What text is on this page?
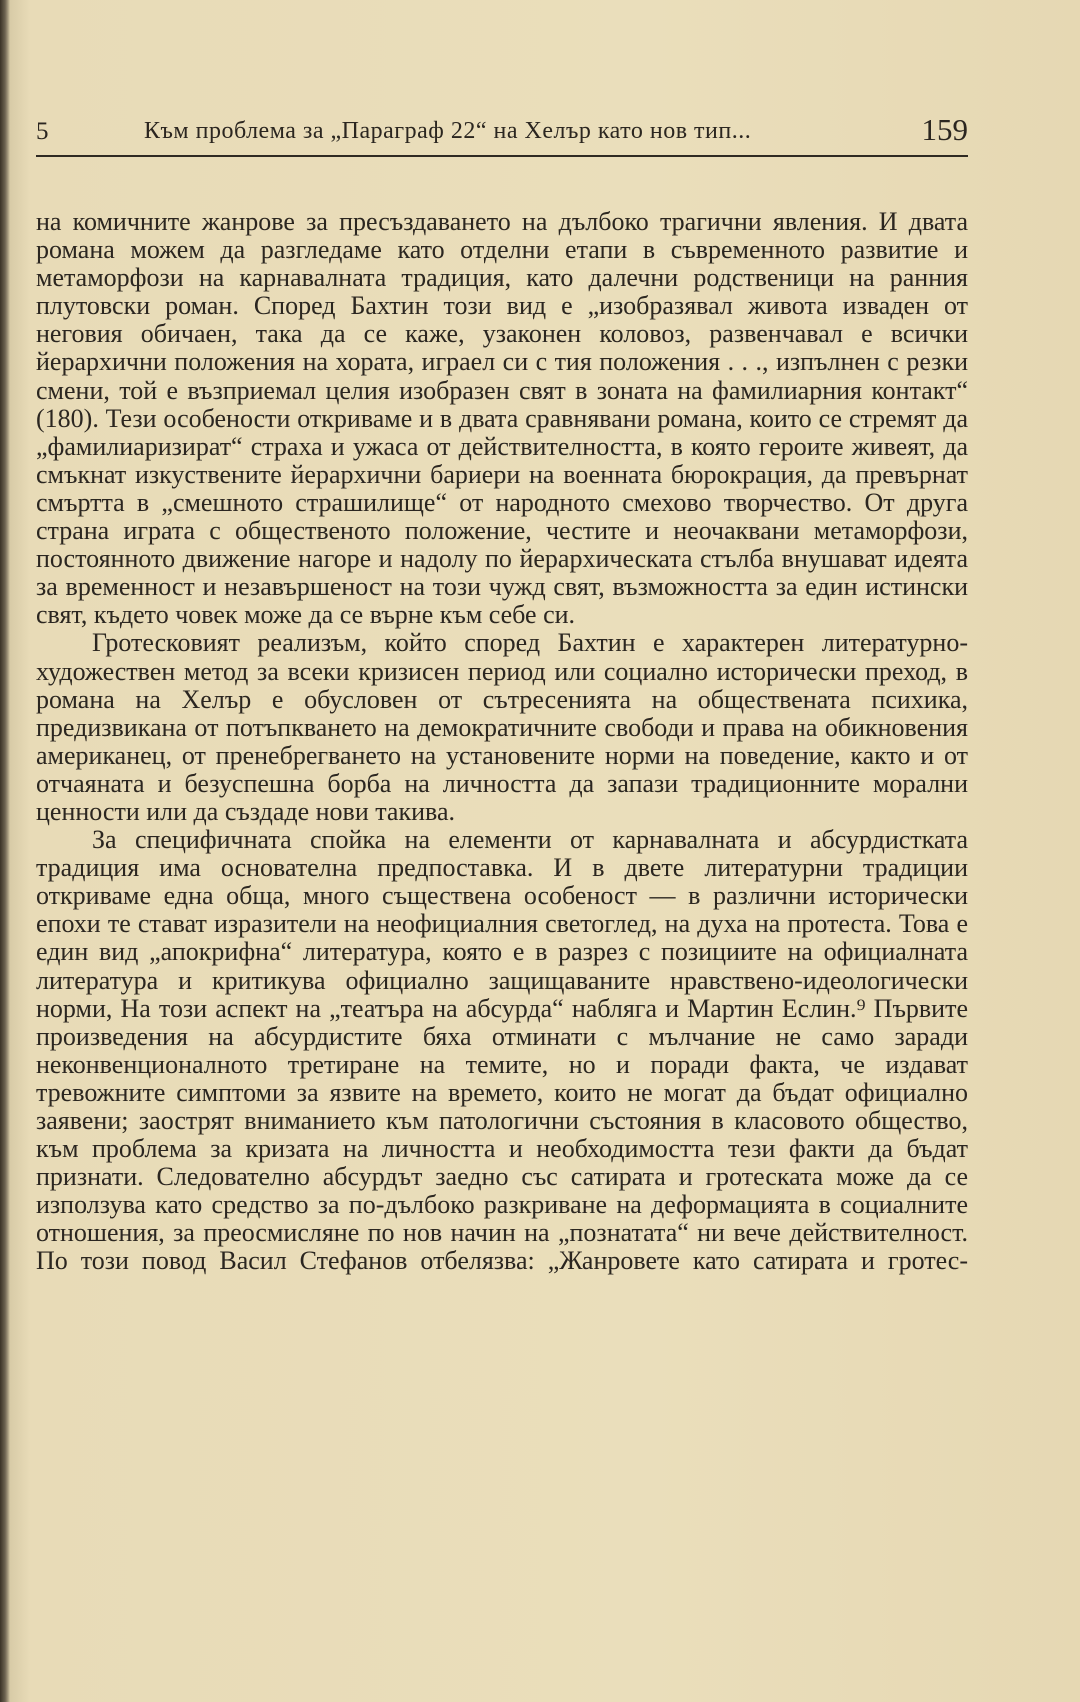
5	Към проблема за „Параграф 22“ на Хелър като нов тип...	159

на комичните жанрове за пресъздаването на дълбоко трагични явления. И двата романа можем да разгледаме като отделни етапи в съвременното развитие и метаморфози на карнавалната традиция, като далечни родственици на ранния плутовски роман. Според Бахтин този вид е „изобразявал живота изваден от неговия обичаен, така да се каже, узаконен коловоз, развенчавал е всички йерархични положения на хората, играел си с тия положения . . ., изпълнен с резки смени, той е възприемал целия изобразен свят в зоната на фамилиарния контакт“ (180). Тези особености откриваме и в двата сравнявани романа, които се стремят да „фамилиаризират“ страха и ужаса от действителността, в която героите живеят, да смъкнат изкуствените йерархични бариери на военната бюрокрация, да превърнат смъртта в „смешното страшилище“ от народното смехово творчество. От друга страна играта с общественото положение, честите и неочаквани метаморфози, постоянното движение нагоре и надолу по йерархическата стълба внушават идеята за временност и незавършеност на този чужд свят, възможността за един истински свят, където човек може да се върне към себе си.

Гротесковият реализъм, който според Бахтин е характерен литературно-художествен метод за всеки кризисен период или социално исторически преход, в романа на Хелър е обусловен от сътресенията на обществената психика, предизвикана от потъпкването на демократичните свободи и права на обикновения американец, от пренебрегването на установените норми на поведение, както и от отчаяната и безуспешна борба на личността да запази традиционните морални ценности или да създаде нови такива.

За специфичната спойка на елементи от карнавалната и абсурдистката традиция има основателна предпоставка. И в двете литературни традиции откриваме една обща, много съществена особеност — в различни исторически епохи те стават изразители на неофициалния светоглед, на духа на протеста. Това е един вид „апокрифна“ литература, която е в разрез с позициите на официалната литература и критикува официално защищаваните нравствено-идеологически норми, На този аспект на „театъра на абсурда“ набляга и Мартин Еслин.⁹ Първите произведения на абсурдистите бяха отминати с мълчание не само заради неконвенционалното третиране на темите, но и поради факта, че издават тревожните симптоми за язвите на времето, които не могат да бъдат официално заявени; заострят вниманието към патологични състояния в класовото общество, към проблема за кризата на личността и необходимостта тези факти да бъдат признати. Следователно абсурдът заедно със сатирата и гротеската може да се използува като средство за по-дълбоко разкриване на деформацията в социалните отношения, за преосмисляне по нов начин на „познатата“ ни вече действителност. По този повод Васил Стефанов отбелязва: „Жанровете като сатирата и гротес-
